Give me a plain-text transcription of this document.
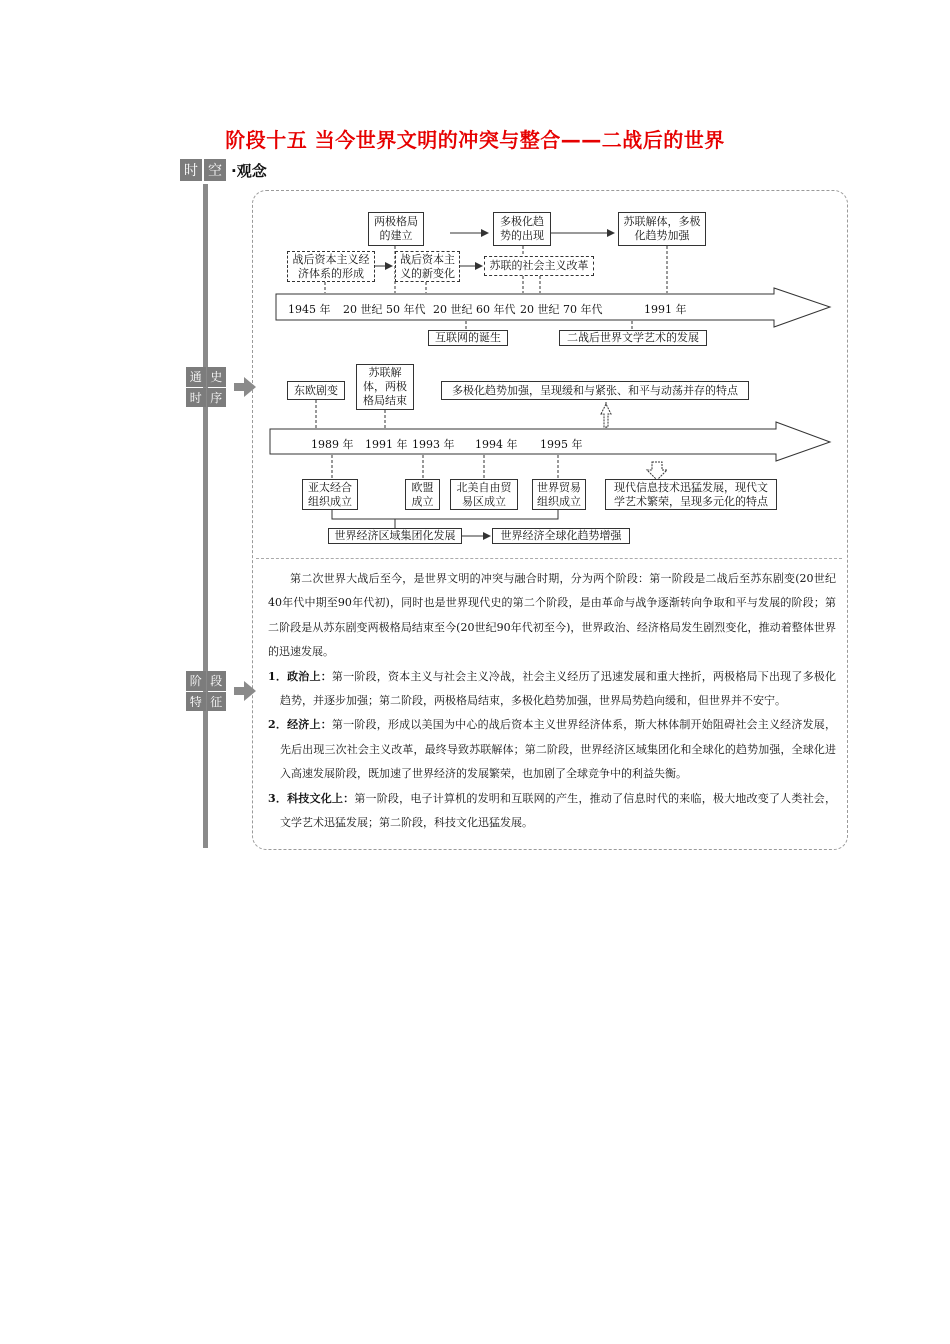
阶段十五 当今世界文明的冲突与整合——二战后的世界
时 空 ·观念
通 史
时 序
阶 段
特 征
两极格局的建立
多极化趋势的出现
苏联解体，多极化趋势加强
战后资本主义经济体系的形成
战后资本主义的新变化
苏联的社会主义改革
1945 年 20 世纪 50 年代 20 世纪 60 年代 20 世纪 70 年代	1991 年
互联网的诞生	二战后世界文学艺术的发展
东欧剧变
苏联解体，两极格局结束
多极化趋势加强，呈现缓和与紧张、和平与动荡并存的特点
1989 年 1991 年 1993 年 1994 年 1995 年
亚太经合组织成立
欧盟成立
北美自由贸易区成立
世界贸易组织成立
现代信息技术迅猛发展，现代文学艺术繁荣，呈现多元化的特点
世界经济区域集团化发展	世界经济全球化趋势增强

第二次世界大战后至今，是世界文明的冲突与融合时期，分为两个阶段：第一阶段是二战后至苏东剧变(20世纪40年代中期至90年代初)，同时也是世界现代史的第二个阶段，是由革命与战争逐渐转向争取和平与发展的阶段；第二阶段是从苏东剧变两极格局结束至今(20世纪90年代初至今)，世界政治、经济格局发生剧烈变化，推动着整体世界的迅速发展。

1．政治上：第一阶段，资本主义与社会主义冷战，社会主义经历了迅速发展和重大挫折，两极格局下出现了多极化趋势，并逐步加强；第二阶段，两极格局结束，多极化趋势加强，世界局势趋向缓和，但世界并不安宁。

2．经济上：第一阶段，形成以美国为中心的战后资本主义世界经济体系，斯大林体制开始阻碍社会主义经济发展，先后出现三次社会主义改革，最终导致苏联解体；第二阶段，世界经济区域集团化和全球化的趋势加强，全球化进入高速发展阶段，既加速了世界经济的发展繁荣，也加剧了全球竞争中的利益失衡。

3．科技文化上：第一阶段，电子计算机的发明和互联网的产生，推动了信息时代的来临，极大地改变了人类社会，文学艺术迅猛发展；第二阶段，科技文化迅猛发展。
